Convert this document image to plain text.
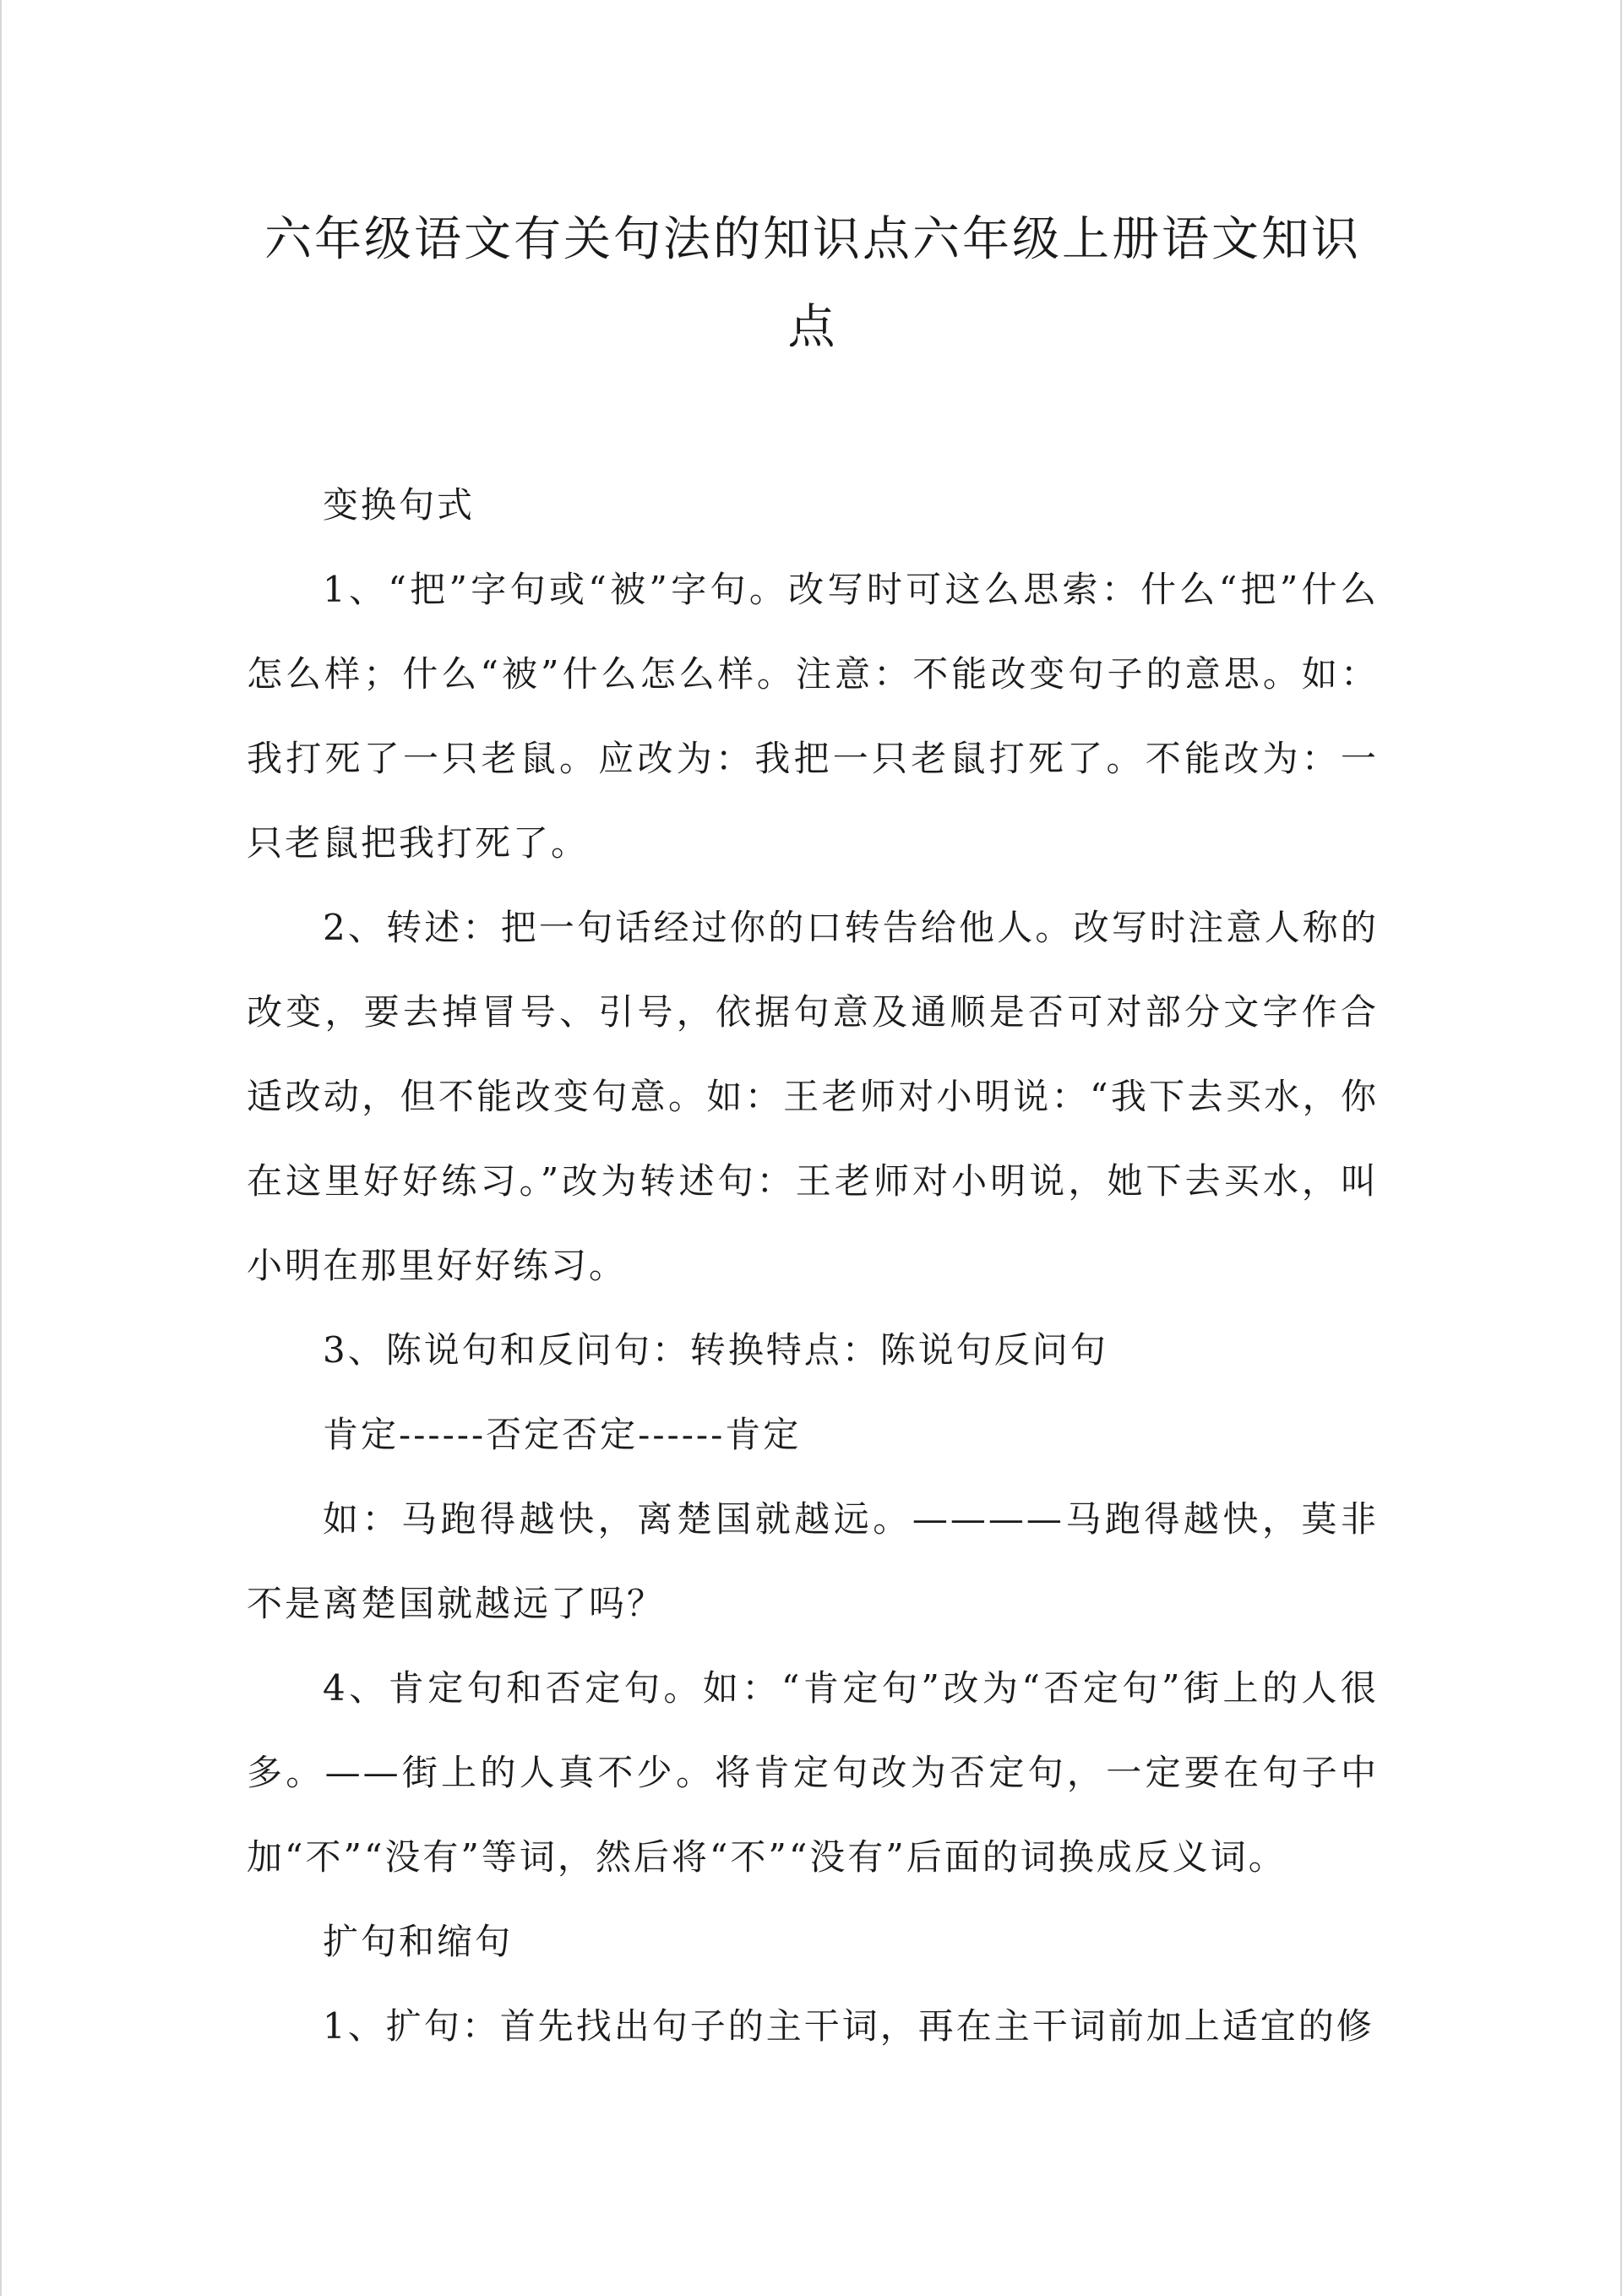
六年级语文有关句法的知识点六年级上册语文知识点

变换句式

1、“把”字句或“被”字句。改写时可这么思索：什么“把”什么怎么样；什么“被”什么怎么样。注意：不能改变句子的意思。如：我打死了一只老鼠。应改为：我把一只老鼠打死了。不能改为：一只老鼠把我打死了。

2、转述：把一句话经过你的口转告给他人。改写时注意人称的改变，要去掉冒号、引号，依据句意及通顺是否可对部分文字作合适改动，但不能改变句意。如：王老师对小明说：“我下去买水，你在这里好好练习。”改为转述句：王老师对小明说，她下去买水，叫小明在那里好好练习。

3、陈说句和反问句：转换特点：陈说句反问句

肯定------否定否定------肯定

如：马跑得越快，离楚国就越远。————马跑得越快，莫非不是离楚国就越远了吗？

4、肯定句和否定句。如：“肯定句”改为“否定句”街上的人很多。——街上的人真不少。将肯定句改为否定句，一定要在句子中加“不”“没有”等词，然后将“不”“没有”后面的词换成反义词。

扩句和缩句

1、扩句：首先找出句子的主干词，再在主干词前加上适宜的修
